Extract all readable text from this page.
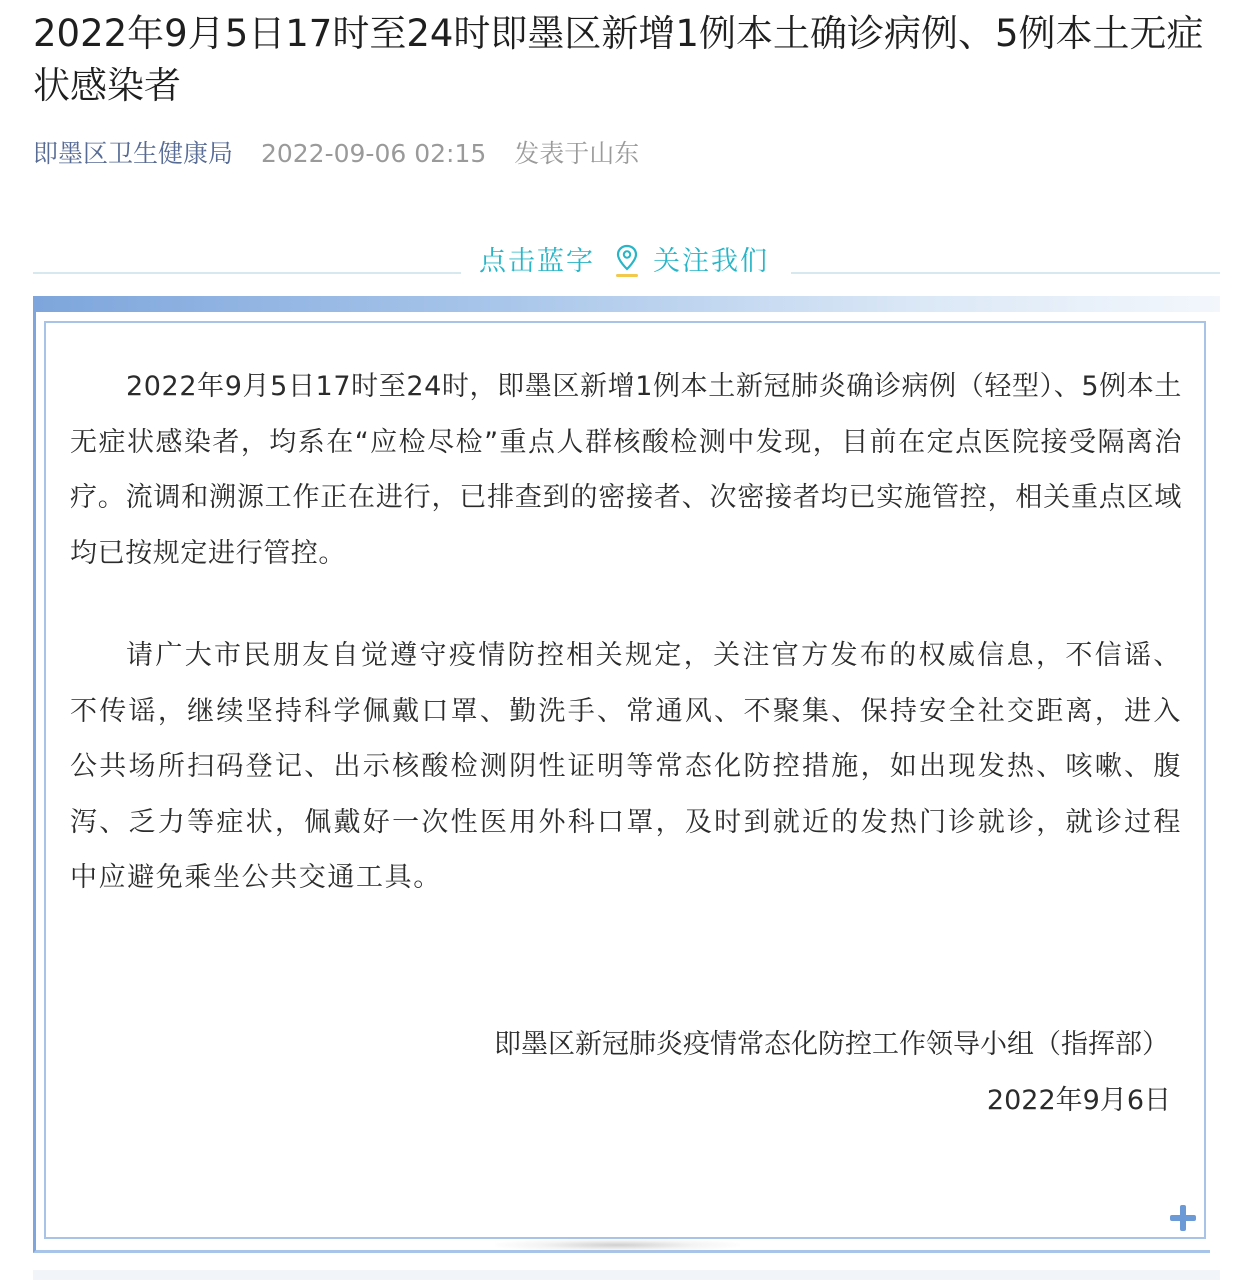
2022年9月5日17时至24时即墨区新增1例本土确诊病例、5例本土无症状感染者
即墨区卫生健康局 2022-09-06 02:15 发表于山东
点击蓝字 关注我们

2022年9月5日17时至24时，即墨区新增1例本土新冠肺炎确诊病例（轻型）、5例本土无症状感染者，均系在“应检尽检”重点人群核酸检测中发现，目前在定点医院接受隔离治疗。流调和溯源工作正在进行，已排查到的密接者、次密接者均已实施管控，相关重点区域均已按规定进行管控。

请广大市民朋友自觉遵守疫情防控相关规定，关注官方发布的权威信息，不信谣、不传谣，继续坚持科学佩戴口罩、勤洗手、常通风、不聚集、保持安全社交距离，进入公共场所扫码登记、出示核酸检测阴性证明等常态化防控措施，如出现发热、咳嗽、腹泻、乏力等症状，佩戴好一次性医用外科口罩，及时到就近的发热门诊就诊，就诊过程中应避免乘坐公共交通工具。

即墨区新冠肺炎疫情常态化防控工作领导小组（指挥部）
2022年9月6日
